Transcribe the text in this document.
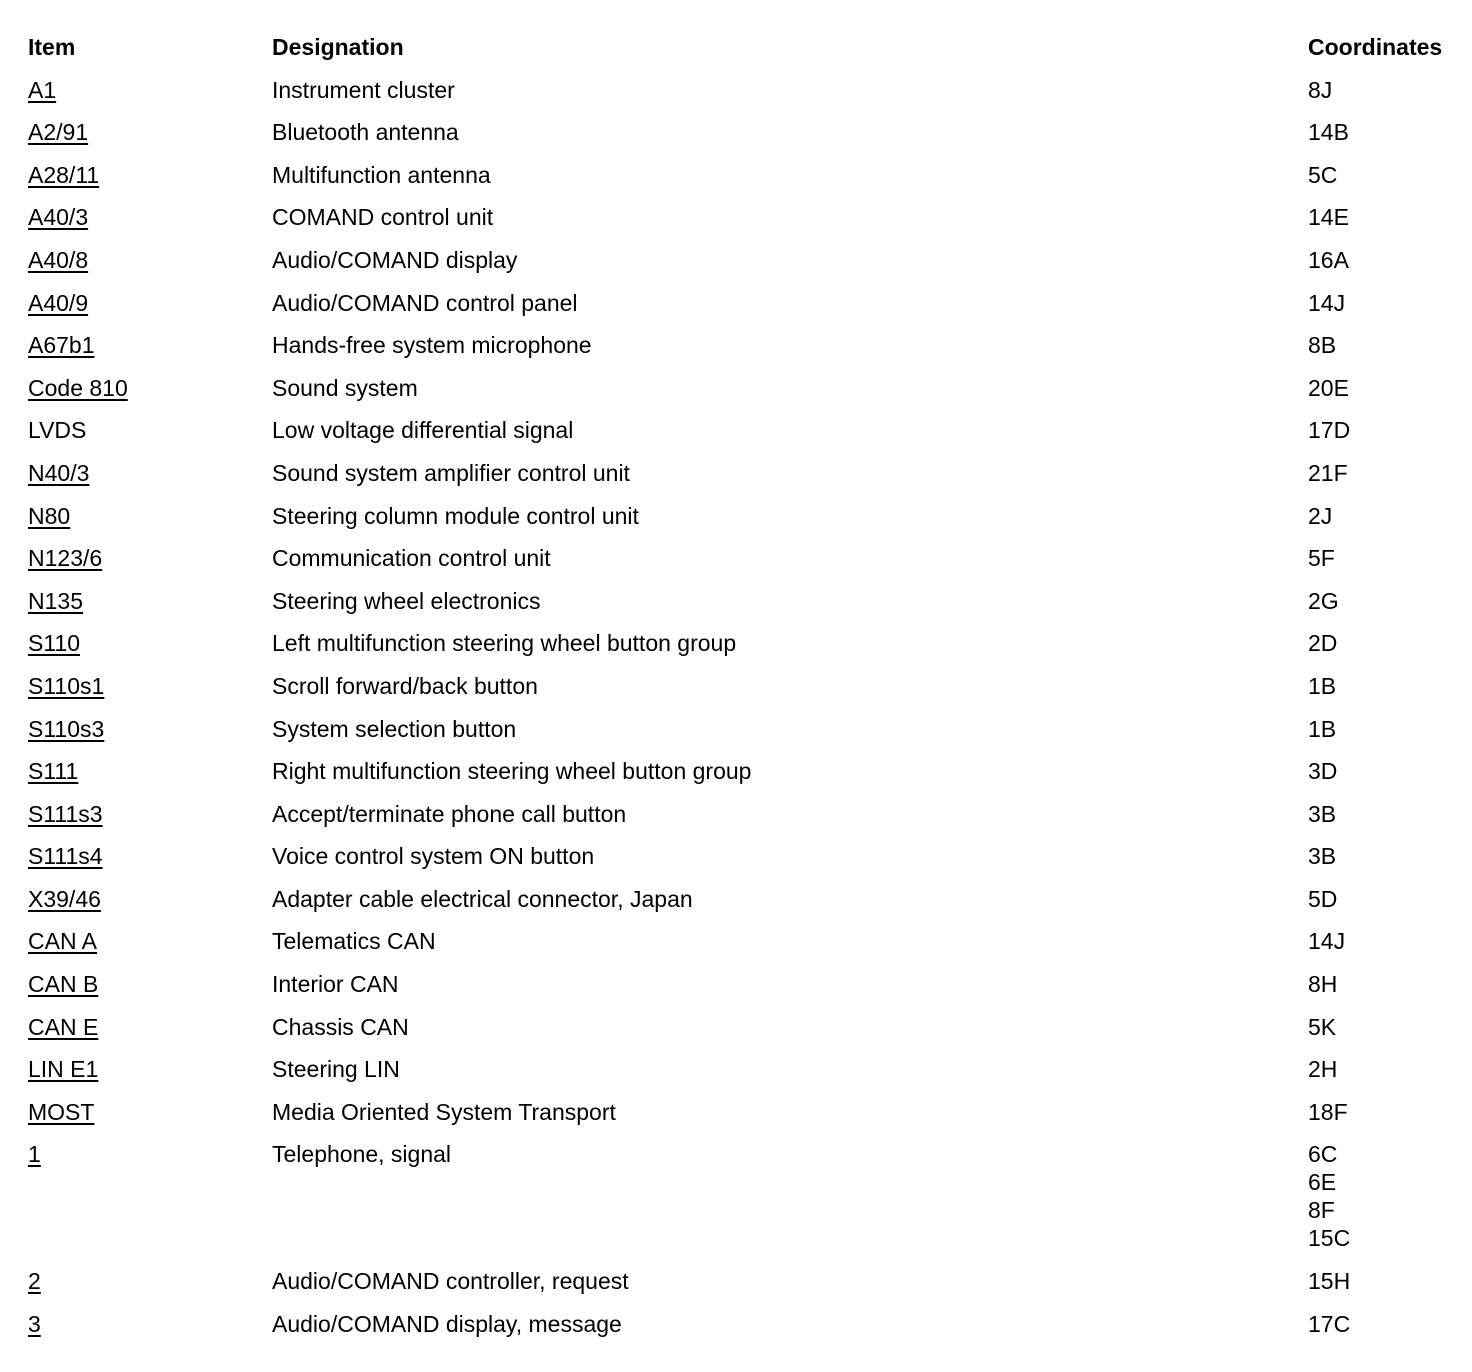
Item	Designation	Coordinates
A1	Instrument cluster	8J
A2/91	Bluetooth antenna	14B
A28/11	Multifunction antenna	5C
A40/3	COMAND control unit	14E
A40/8	Audio/COMAND display	16A
A40/9	Audio/COMAND control panel	14J
A67b1	Hands-free system microphone	8B
Code 810	Sound system	20E
LVDS	Low voltage differential signal	17D
N40/3	Sound system amplifier control unit	21F
N80	Steering column module control unit	2J
N123/6	Communication control unit	5F
N135	Steering wheel electronics	2G
S110	Left multifunction steering wheel button group	2D
S110s1	Scroll forward/back button	1B
S110s3	System selection button	1B
S111	Right multifunction steering wheel button group	3D
S111s3	Accept/terminate phone call button	3B
S111s4	Voice control system ON button	3B
X39/46	Adapter cable electrical connector, Japan	5D
CAN A	Telematics CAN	14J
CAN B	Interior CAN	8H
CAN E	Chassis CAN	5K
LIN E1	Steering LIN	2H
MOST	Media Oriented System Transport	18F
1	Telephone, signal	6C
6E
8F
15C
2	Audio/COMAND controller, request	15H
3	Audio/COMAND display, message	17C
